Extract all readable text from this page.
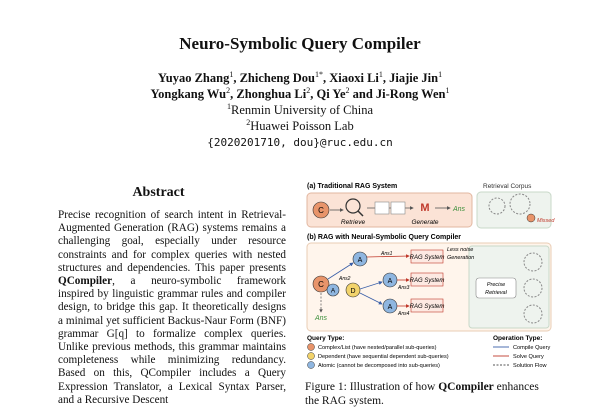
Neuro-Symbolic Query Compiler
Yuyao Zhang$^1$, Zhicheng Dou$^{1*}$, Xiaoxi Li$^1$, Jiajie Jin$^1$
Yongkang Wu$^2$, Zhonghua Li$^2$, Qi Ye$^2$ and Ji-Rong Wen$^1$
$^1$Renmin University of China
$^2$Huawei Poisson Lab
{2020201710, dou}@ruc.edu.cn
Abstract

Precise recognition of search intent in Retrieval-Augmented Generation (RAG) systems remains a challenging goal, especially under resource constraints and for complex queries with nested structures and dependencies. This paper presents QCompiler, a neuro-symbolic framework inspired by linguistic grammar rules and compiler design, to bridge this gap. It theoretically designs a minimal yet sufficient Backus-Naur Form (BNF) grammar G[q] to formalize complex queries. Unlike previous methods, this grammar maintains completeness while minimizing redundancy. Based on this, QCompiler includes a Query Expression Translator, a Lexical Syntax Parser, and a Recursive Descent

(a) Traditional RAG System	Retrieval Corpus
C
Retrieve
M
Generate
Ans
Missed
(b) RAG with Neural-Symbolic Query Compiler
C
A
D
A
A
A
RAG System
RAG System
RAG System
Ans1
Ans2
Ans3
Ans4
Less noise
Generation
Precise
Retrieval
Ans
Query Type:
Complex/List (have nested/parallel sub-queries)
Dependent (have sequential dependent sub-queries)
Atomic (cannot be decomposed into sub-queries)
Operation Type:
Compile Query
Solve Query
Solution Flow
Figure 1: Illustration of how QCompiler enhances the RAG system.
